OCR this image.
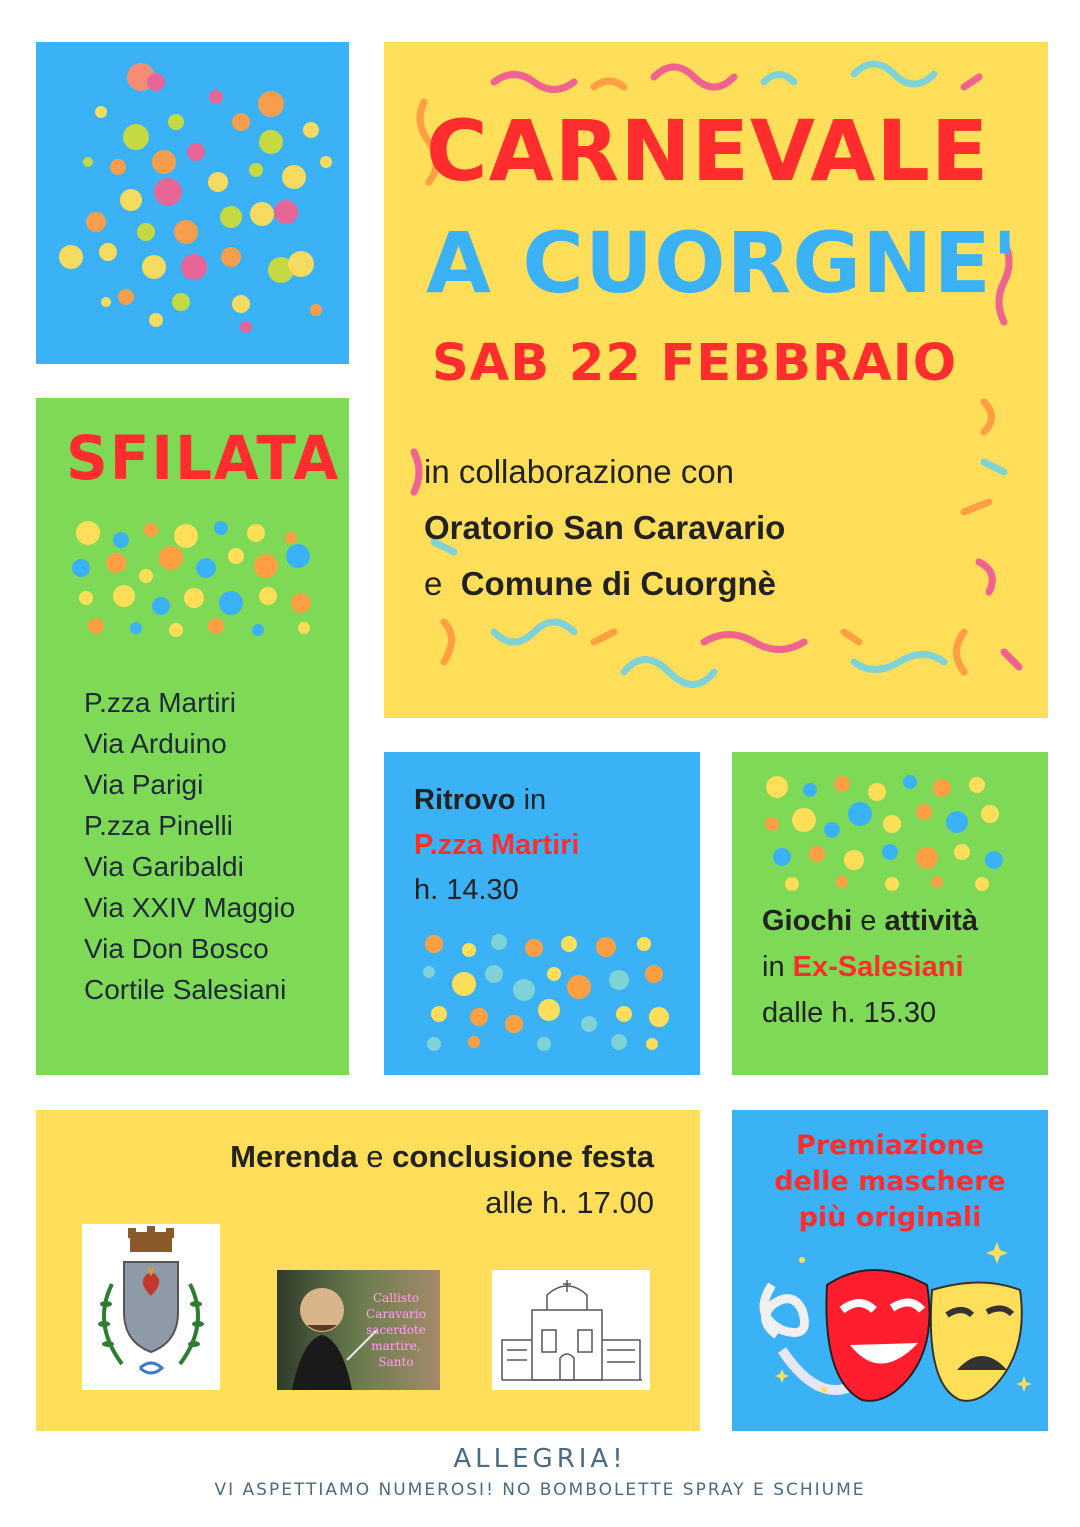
CARNEVALE
A CUORGNE'
SAB 22 FEBBRAIO
in collaborazione con
Oratorio San Caravario
e Comune di Cuorgnè
SFILATA
P.zza Martiri
Via Arduino
Via Parigi
P.zza Pinelli
Via Garibaldi
Via XXIV Maggio
Via Don Bosco
Cortile Salesiani
Ritrovo in
P.zza Martiri
h. 14.30
Giochi e attività
in Ex-Salesiani
dalle h. 15.30
Merenda e conclusione festa
alle h. 17.00
Callisto Caravario sacerdote martire, Santo
Premiazione
delle maschere
più originali
ALLEGRIA!
VI ASPETTIAMO NUMEROSI! NO BOMBOLETTE SPRAY E SCHIUME
